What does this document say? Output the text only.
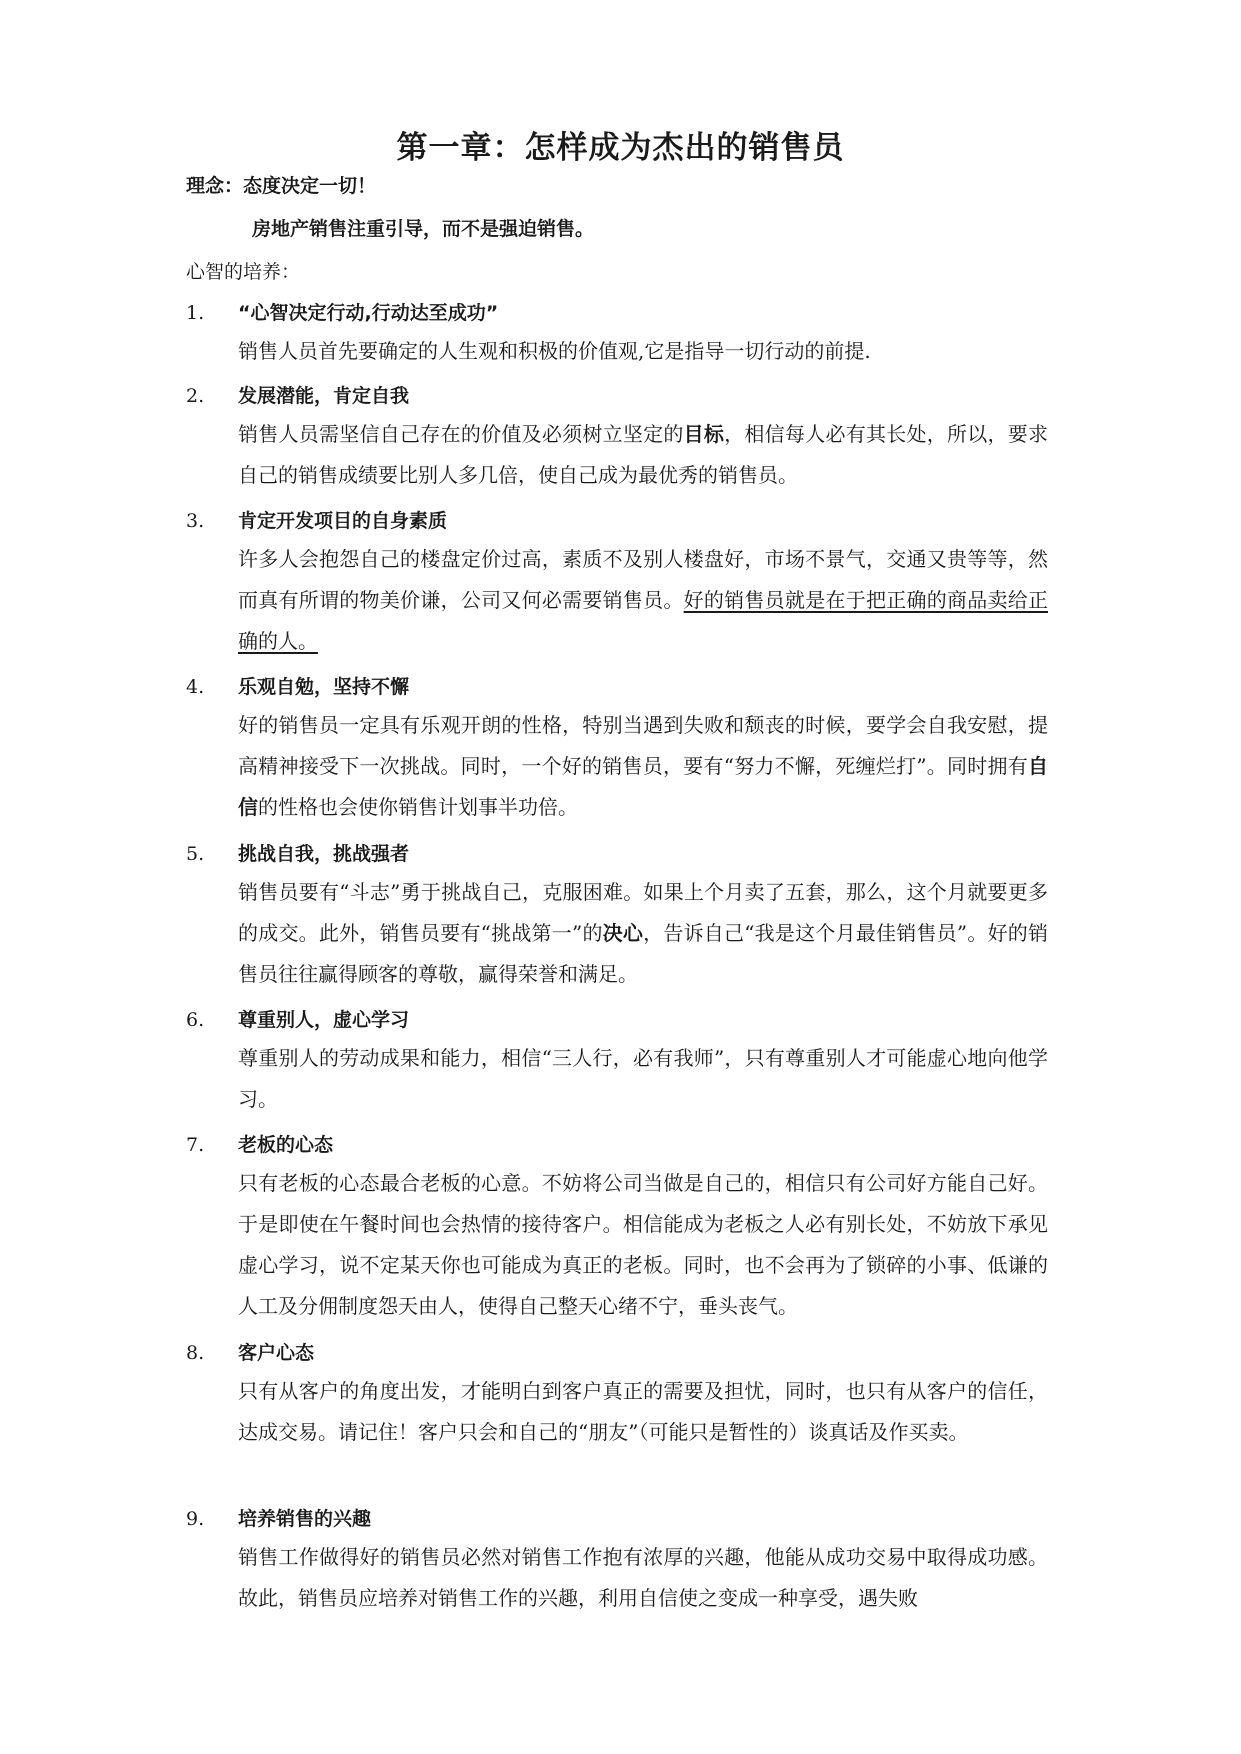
第一章：怎样成为杰出的销售员
理念：态度决定一切！
房地产销售注重引导，而不是强迫销售。
心智的培养：
1. “心智决定行动,行动达至成功”
销售人员首先要确定的人生观和积极的价值观,它是指导一切行动的前提.
2. 发展潜能，肯定自我
销售人员需坚信自己存在的价值及必须树立坚定的目标，相信每人必有其长处，所以，要求自己的销售成绩要比别人多几倍，使自己成为最优秀的销售员。
3. 肯定开发项目的自身素质
许多人会抱怨自己的楼盘定价过高，素质不及别人楼盘好，市场不景气，交通又贵等等，然而真有所谓的物美价谦，公司又何必需要销售员。好的销售员就是在于把正确的商品卖给正确的人。
4. 乐观自勉，坚持不懈
好的销售员一定具有乐观开朗的性格，特别当遇到失败和颓丧的时候，要学会自我安慰，提高精神接受下一次挑战。同时，一个好的销售员，要有“努力不懈，死缠烂打”。同时拥有自信的性格也会使你销售计划事半功倍。
5. 挑战自我，挑战强者
销售员要有“斗志”勇于挑战自己，克服困难。如果上个月卖了五套，那么，这个月就要更多的成交。此外，销售员要有“挑战第一”的决心，告诉自己“我是这个月最佳销售员”。好的销售员往往赢得顾客的尊敬，赢得荣誉和满足。
6. 尊重别人，虚心学习
尊重别人的劳动成果和能力，相信“三人行，必有我师”，只有尊重别人才可能虚心地向他学习。
7. 老板的心态
只有老板的心态最合老板的心意。不妨将公司当做是自己的，相信只有公司好方能自己好。于是即使在午餐时间也会热情的接待客户。相信能成为老板之人必有别长处，不妨放下承见虚心学习，说不定某天你也可能成为真正的老板。同时，也不会再为了锁碎的小事、低谦的人工及分佣制度怨天由人，使得自己整天心绪不宁，垂头丧气。
8. 客户心态
只有从客户的角度出发，才能明白到客户真正的需要及担忧，同时，也只有从客户的信任，达成交易。请记住！客户只会和自己的“朋友”（可能只是暂性的）谈真话及作买卖。
9. 培养销售的兴趣
销售工作做得好的销售员必然对销售工作抱有浓厚的兴趣，他能从成功交易中取得成功感。故此，销售员应培养对销售工作的兴趣，利用自信使之变成一种享受，遇失败
